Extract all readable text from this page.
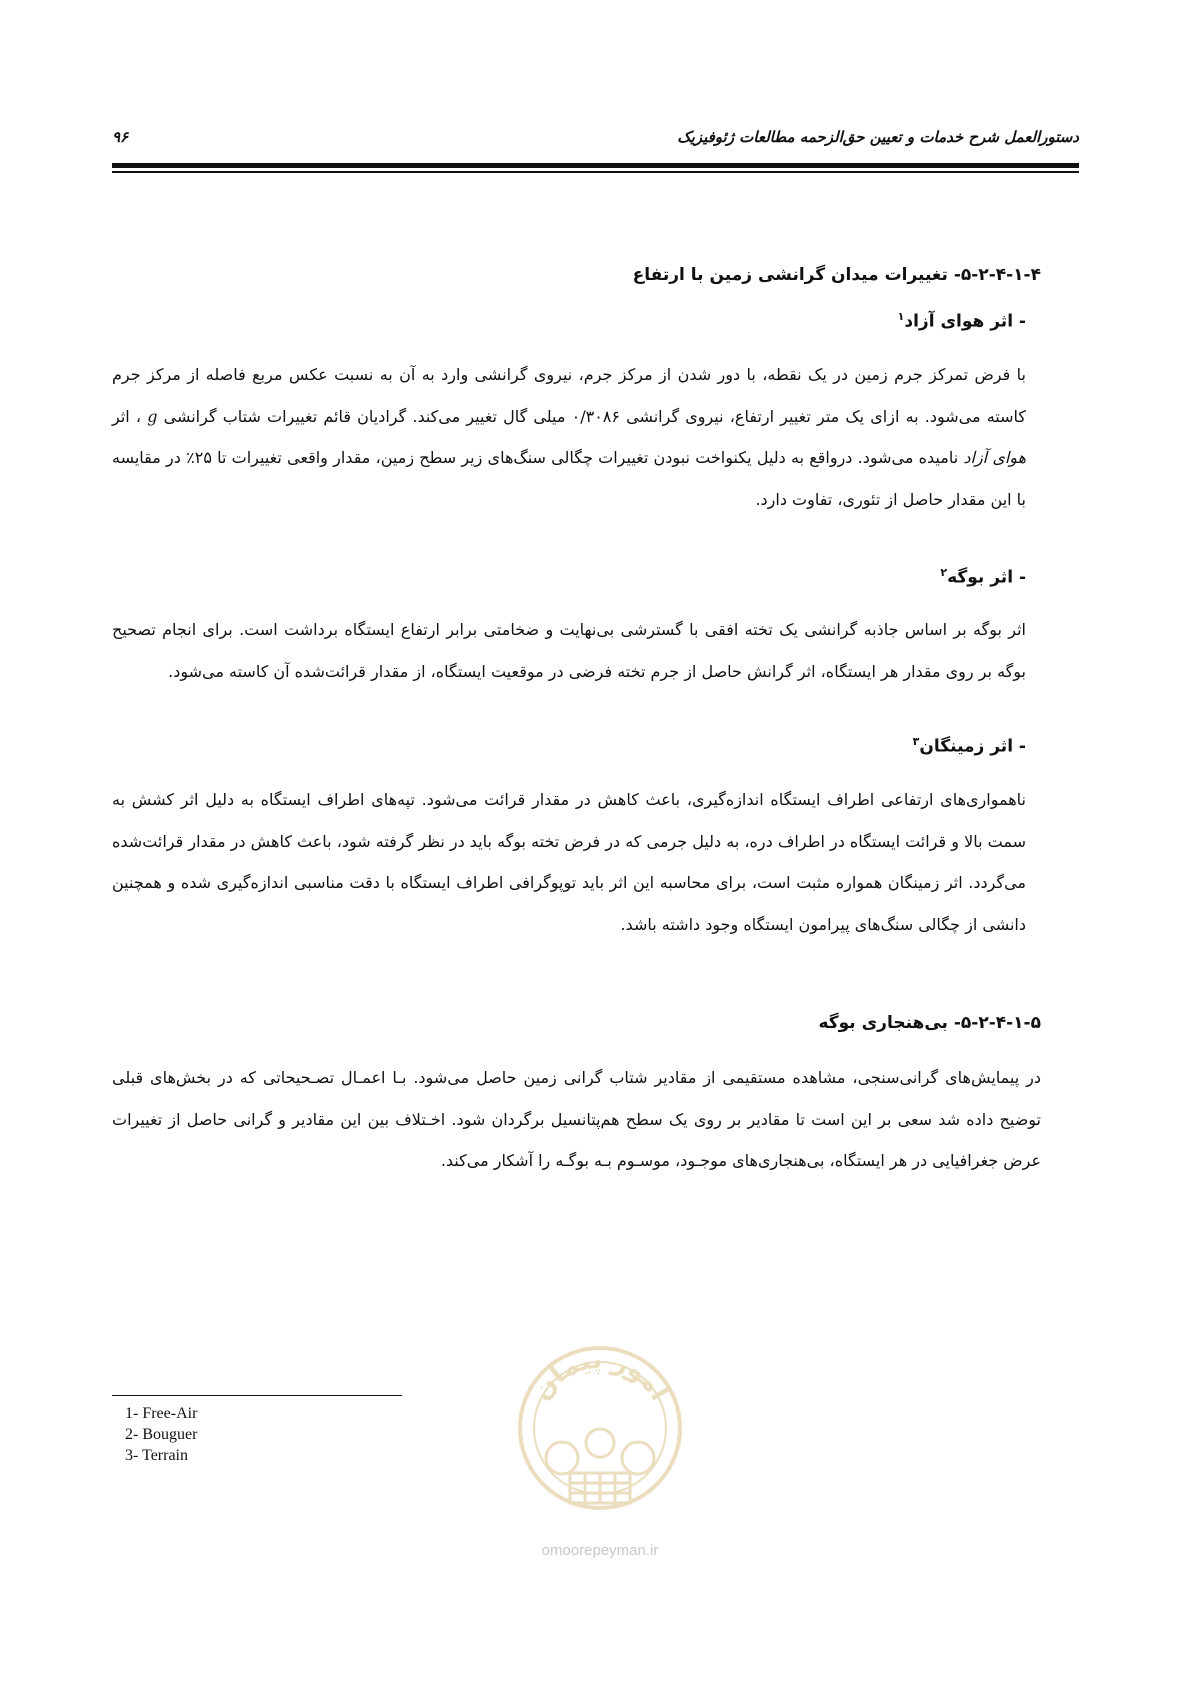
دستورالعمل شرح خدمات و تعیین حق‌الزحمه مطالعات ژئوفیزیک
۹۶
۵-۲-۴-۱-۴- تغییرات میدان گرانشی زمین با ارتفاع
- اثر هوای آزاد$^۱$
با فرض تمرکز جرم زمین در یک نقطه، با دور شدن از مرکز جرم، نیروی گرانشی وارد به آن به نسبت عکس مربع فاصله از مرکز جرم کاسته می‌شود. به ازای یک متر تغییر ارتفاع، نیروی گرانشی ۰/۳۰۸۶ میلی گال تغییر می‌کند. گرادیان قائم تغییرات شتاب گرانشی g ، اثر هوای آزاد نامیده می‌شود. درواقع به دلیل یکنواخت نبودن تغییرات چگالی سنگ‌های زیر سطح زمین، مقدار واقعی تغییرات تا ۲۵٪ در مقایسه با این مقدار حاصل از تئوری، تفاوت دارد.
- اثر بوگه$^۲$
اثر بوگه بر اساس جاذبه گرانشی یک تخته افقی با گسترشی بی‌نهایت و ضخامتی برابر ارتفاع ایستگاه برداشت است. برای انجام تصحیح بوگه بر روی مقدار هر ایستگاه، اثر گرانش حاصل از جرم تخته فرضی در موقعیت ایستگاه، از مقدار قرائت‌شده آن کاسته می‌شود.
- اثر زمینگان$^۳$
ناهمواری‌های ارتفاعی اطراف ایستگاه اندازه‌گیری، باعث کاهش در مقدار قرائت می‌شود. تپه‌های اطراف ایستگاه به دلیل اثر کشش به سمت بالا و قرائت ایستگاه در اطراف دره، به دلیل جرمی که در فرض تخته بوگه باید در نظر گرفته شود، باعث کاهش در مقدار قرائت‌شده می‌گردد. اثر زمینگان همواره مثبت است، برای محاسبه این اثر باید توپوگرافی اطراف ایستگاه با دقت مناسبی اندازه‌گیری شده و همچنین دانشی از چگالی سنگ‌های پیرامون ایستگاه وجود داشته باشد.
۵-۲-۴-۱-۵- بی‌هنجاری بوگه
در پیمایش‌های گرانی‌سنجی، مشاهده مستقیمی از مقادیر شتاب گرانی زمین حاصل می‌شود. بـا اعمـال تصـحیحاتی که در بخش‌های قبلی توضیح داده شد سعی بر این است تا مقادیر بر روی یک سطح هم‌پتانسیل برگردان شود. اخـتلاف بین این مقادیر و گرانی حاصل از تغییرات عرض جغرافیایی در هر ایستگاه، بی‌هنجاری‌های موجـود، موسـوم بـه بوگـه را آشکار می‌کند.
امور پیمان
omoorepeyman.ir
1- Free-Air
2- Bouguer
3- Terrain
